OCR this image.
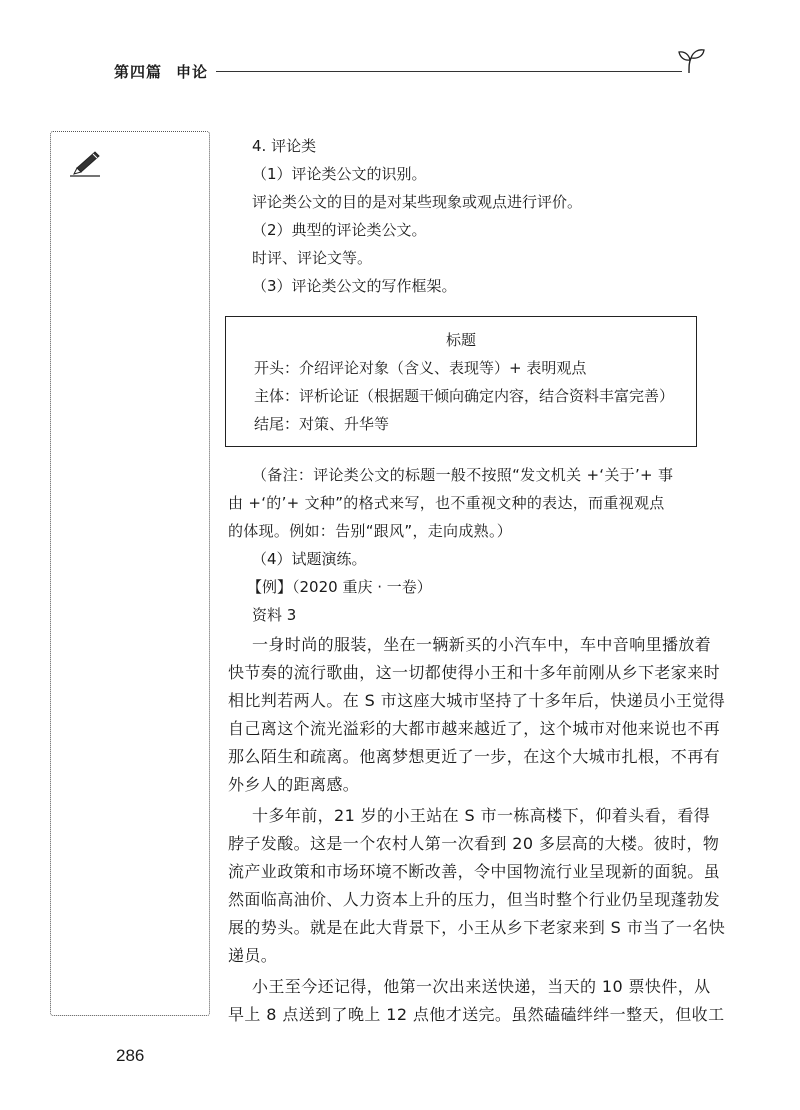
第四篇 申论
4. 评论类
（1）评论类公文的识别。
评论类公文的目的是对某些现象或观点进行评价。
（2）典型的评论类公文。
时评、评论文等。
（3）评论类公文的写作框架。
标题
开头：介绍评论对象（含义、表现等）+ 表明观点
主体：评析论证（根据题干倾向确定内容，结合资料丰富完善）
结尾：对策、升华等
（备注：评论类公文的标题一般不按照“发文机关 +‘关于’+ 事
由 +‘的’+ 文种”的格式来写，也不重视文种的表达，而重视观点
的体现。例如：告别“跟风”，走向成熟。）
（4）试题演练。
【例】（2020 重庆 · 一卷）
资料 3
一身时尚的服装，坐在一辆新买的小汽车中，车中音响里播放着
快节奏的流行歌曲，这一切都使得小王和十多年前刚从乡下老家来时
相比判若两人。在 S 市这座大城市坚持了十多年后，快递员小王觉得
自己离这个流光溢彩的大都市越来越近了，这个城市对他来说也不再
那么陌生和疏离。他离梦想更近了一步，在这个大城市扎根，不再有
外乡人的距离感。
十多年前，21 岁的小王站在 S 市一栋高楼下，仰着头看，看得
脖子发酸。这是一个农村人第一次看到 20 多层高的大楼。彼时，物
流产业政策和市场环境不断改善，令中国物流行业呈现新的面貌。虽
然面临高油价、人力资本上升的压力，但当时整个行业仍呈现蓬勃发
展的势头。就是在此大背景下，小王从乡下老家来到 S 市当了一名快
递员。
小王至今还记得，他第一次出来送快递，当天的 10 票快件，从
早上 8 点送到了晚上 12 点他才送完。虽然磕磕绊绊一整天，但收工
286
